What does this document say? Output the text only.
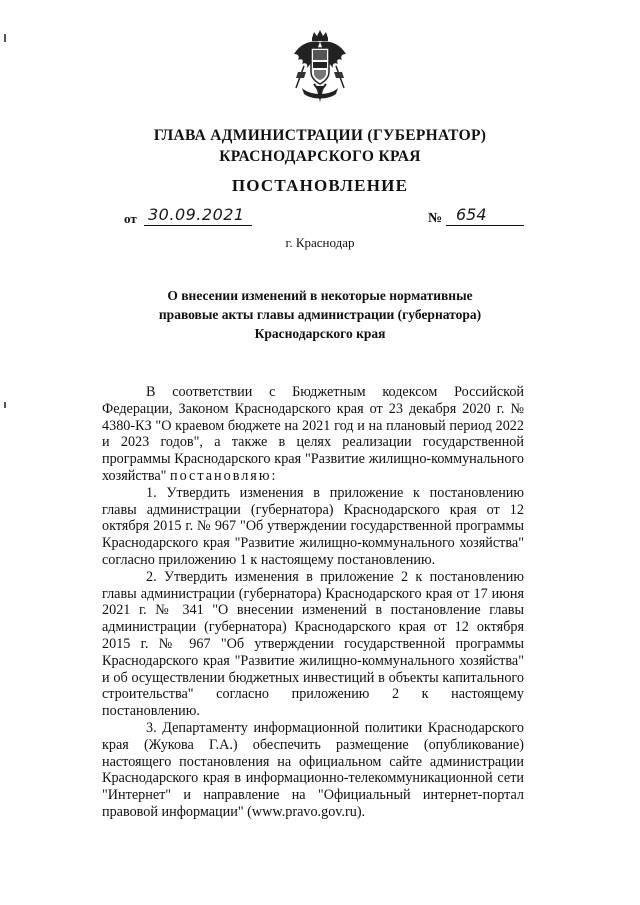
ГЛАВА АДМИНИСТРАЦИИ (ГУБЕРНАТОР)
КРАСНОДАРСКОГО КРАЯ
ПОСТАНОВЛЕНИЕ
от 30.09.2021	№ 654
г. Краснодар
О внесении изменений в некоторые нормативные
правовые акты главы администрации (губернатора)
Краснодарского края

В соответствии с Бюджетным кодексом Российской Федерации, Законом Краснодарского края от 23 декабря 2020 г. № 4380-КЗ "О краевом бюджете на 2021 год и на плановый период 2022 и 2023 годов", а также в целях реализации государственной программы Краснодарского края "Развитие жилищно-коммунального хозяйства" постановляю:

1. Утвердить изменения в приложение к постановлению главы администрации (губернатора) Краснодарского края от 12 октября 2015 г. № 967 "Об утверждении государственной программы Краснодарского края "Развитие жилищно-коммунального хозяйства" согласно приложению 1 к настоящему постановлению.

2. Утвердить изменения в приложение 2 к постановлению главы администрации (губернатора) Краснодарского края от 17 июня 2021 г. № 341 "О внесении изменений в постановление главы администрации (губернатора) Краснодарского края от 12 октября 2015 г. № 967 "Об утверждении государственной программы Краснодарского края "Развитие жилищно-коммунального хозяйства" и об осуществлении бюджетных инвестиций в объекты капитального строительства" согласно приложению 2 к настоящему постановлению.

3. Департаменту информационной политики Краснодарского края (Жукова Г.А.) обеспечить размещение (опубликование) настоящего постановления на официальном сайте администрации Краснодарского края в информационно-телекоммуникационной сети "Интернет" и направление на "Официальный интернет-портал правовой информации" (www.pravo.gov.ru).
